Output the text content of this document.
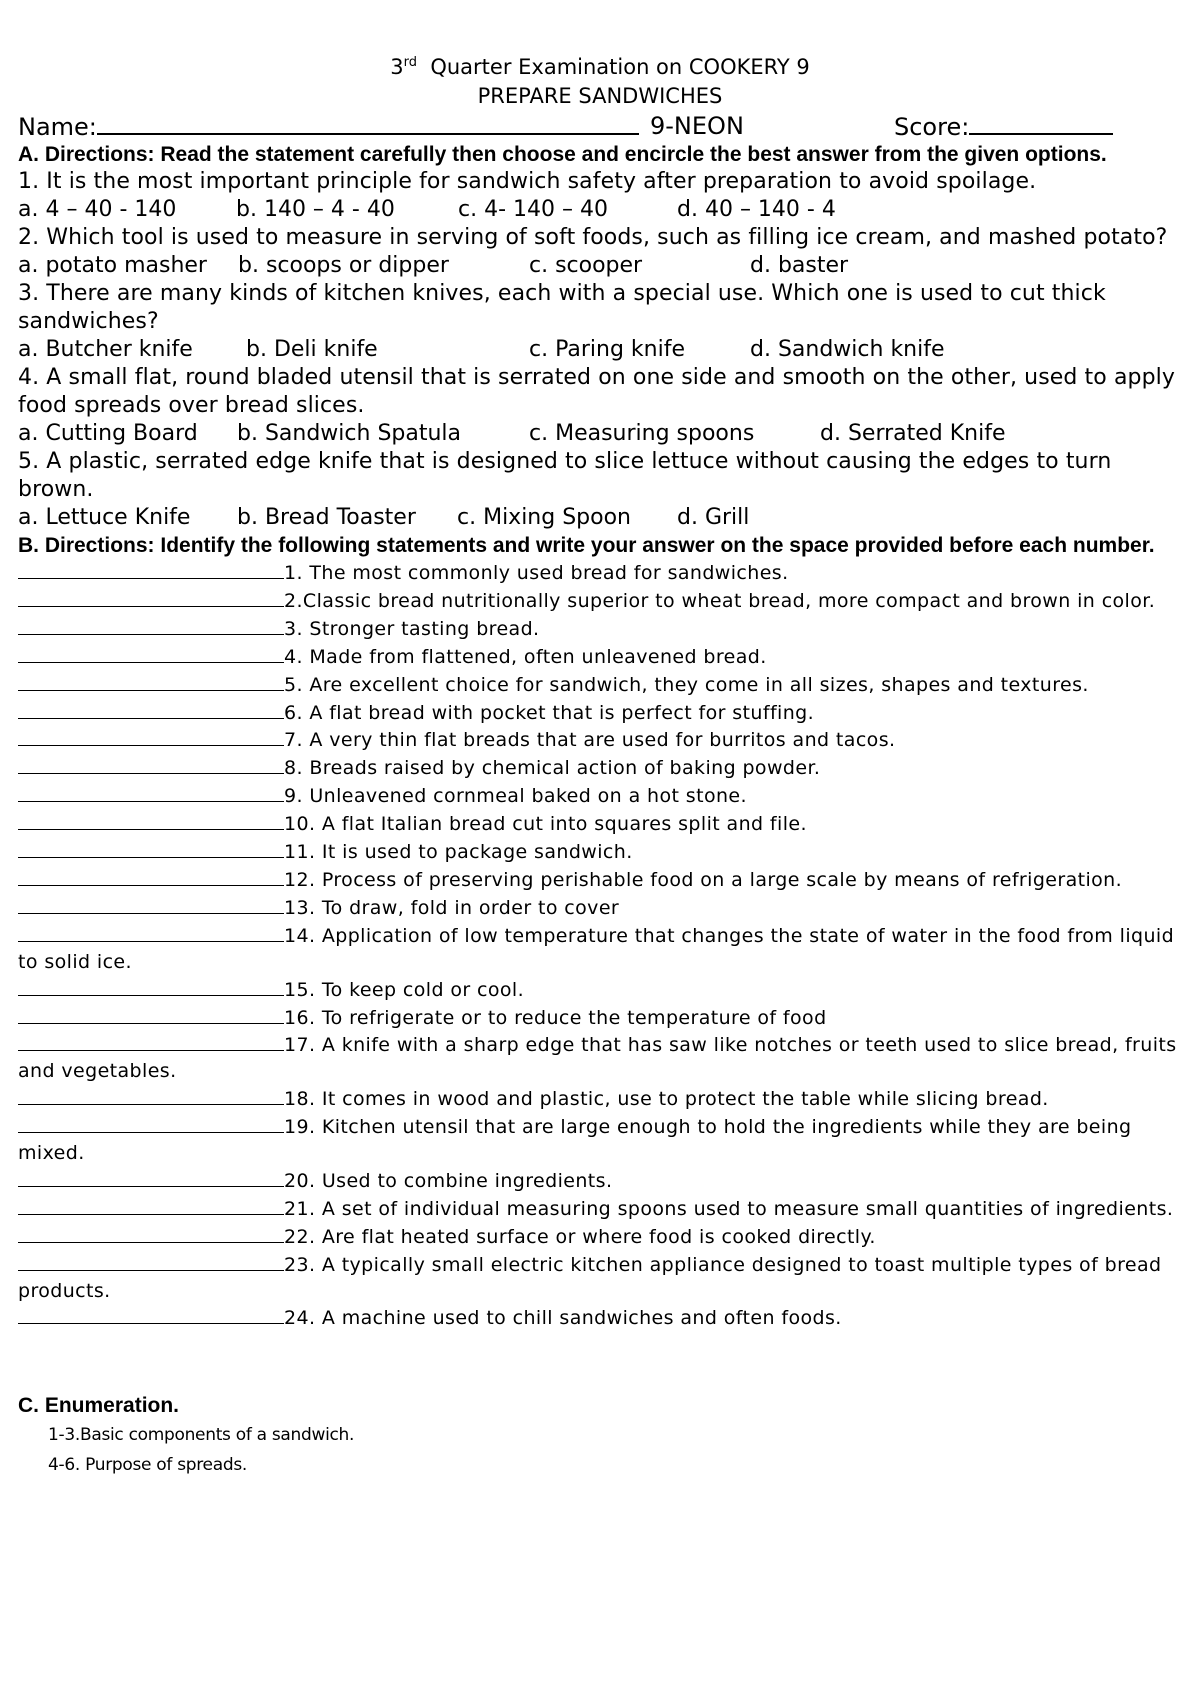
3rd  Quarter Examination on COOKERY 9
PREPARE SANDWICHES
Name:	9-NEON	Score:
A. Directions: Read the statement carefully then choose and encircle the best answer from the given options.
1. It is the most important principle for sandwich safety after preparation to avoid spoilage.
a. 4 – 40 - 140	b. 140 – 4 - 40	c. 4- 140 – 40	d. 40 – 140 - 4
2. Which tool is used to measure in serving of soft foods, such as filling ice cream, and mashed potato?
a. potato masher b. scoops or dipper	c. scooper	d. baster
3. There are many kinds of kitchen knives, each with a special use. Which one is used to cut thick sandwiches?
a. Butcher knife b. Deli knife	c. Paring knife	d. Sandwich knife
4. A small flat, round bladed utensil that is serrated on one side and smooth on the other, used to apply food spreads over bread slices.
a. Cutting Board b. Sandwich Spatula	c. Measuring spoons	d. Serrated Knife
5. A plastic, serrated edge knife that is designed to slice lettuce without causing the edges to turn brown.
a. Lettuce Knife b. Bread Toaster c. Mixing Spoon d. Grill
B. Directions: Identify the following statements and write your answer on the space provided before each number.
1. The most commonly used bread for sandwiches.
2.Classic bread nutritionally superior to wheat bread, more compact and brown in color.
3. Stronger tasting bread.
4. Made from flattened, often unleavened bread.
5. Are excellent choice for sandwich, they come in all sizes, shapes and textures.
6. A flat bread with pocket that is perfect for stuffing.
7. A very thin flat breads that are used for burritos and tacos.
8. Breads raised by chemical action of baking powder.
9. Unleavened cornmeal baked on a hot stone.
10. A flat Italian bread cut into squares split and file.
11. It is used to package sandwich.
12. Process of preserving perishable food on a large scale by means of refrigeration.
13. To draw, fold in order to cover
14. Application of low temperature that changes the state of water in the food from liquid to solid ice.
15. To keep cold or cool.
16. To refrigerate or to reduce the temperature of food
17. A knife with a sharp edge that has saw like notches or teeth used to slice bread, fruits and vegetables.
18. It comes in wood and plastic, use to protect the table while slicing bread.
19. Kitchen utensil that are large enough to hold the ingredients while they are being mixed.
20. Used to combine ingredients.
21. A set of individual measuring spoons used to measure small quantities of ingredients.
22. Are flat heated surface or where food is cooked directly.
23. A typically small electric kitchen appliance designed to toast multiple types of bread products.
24. A machine used to chill sandwiches and often foods.
C. Enumeration.
1-3.Basic components of a sandwich.
4-6. Purpose of spreads.
